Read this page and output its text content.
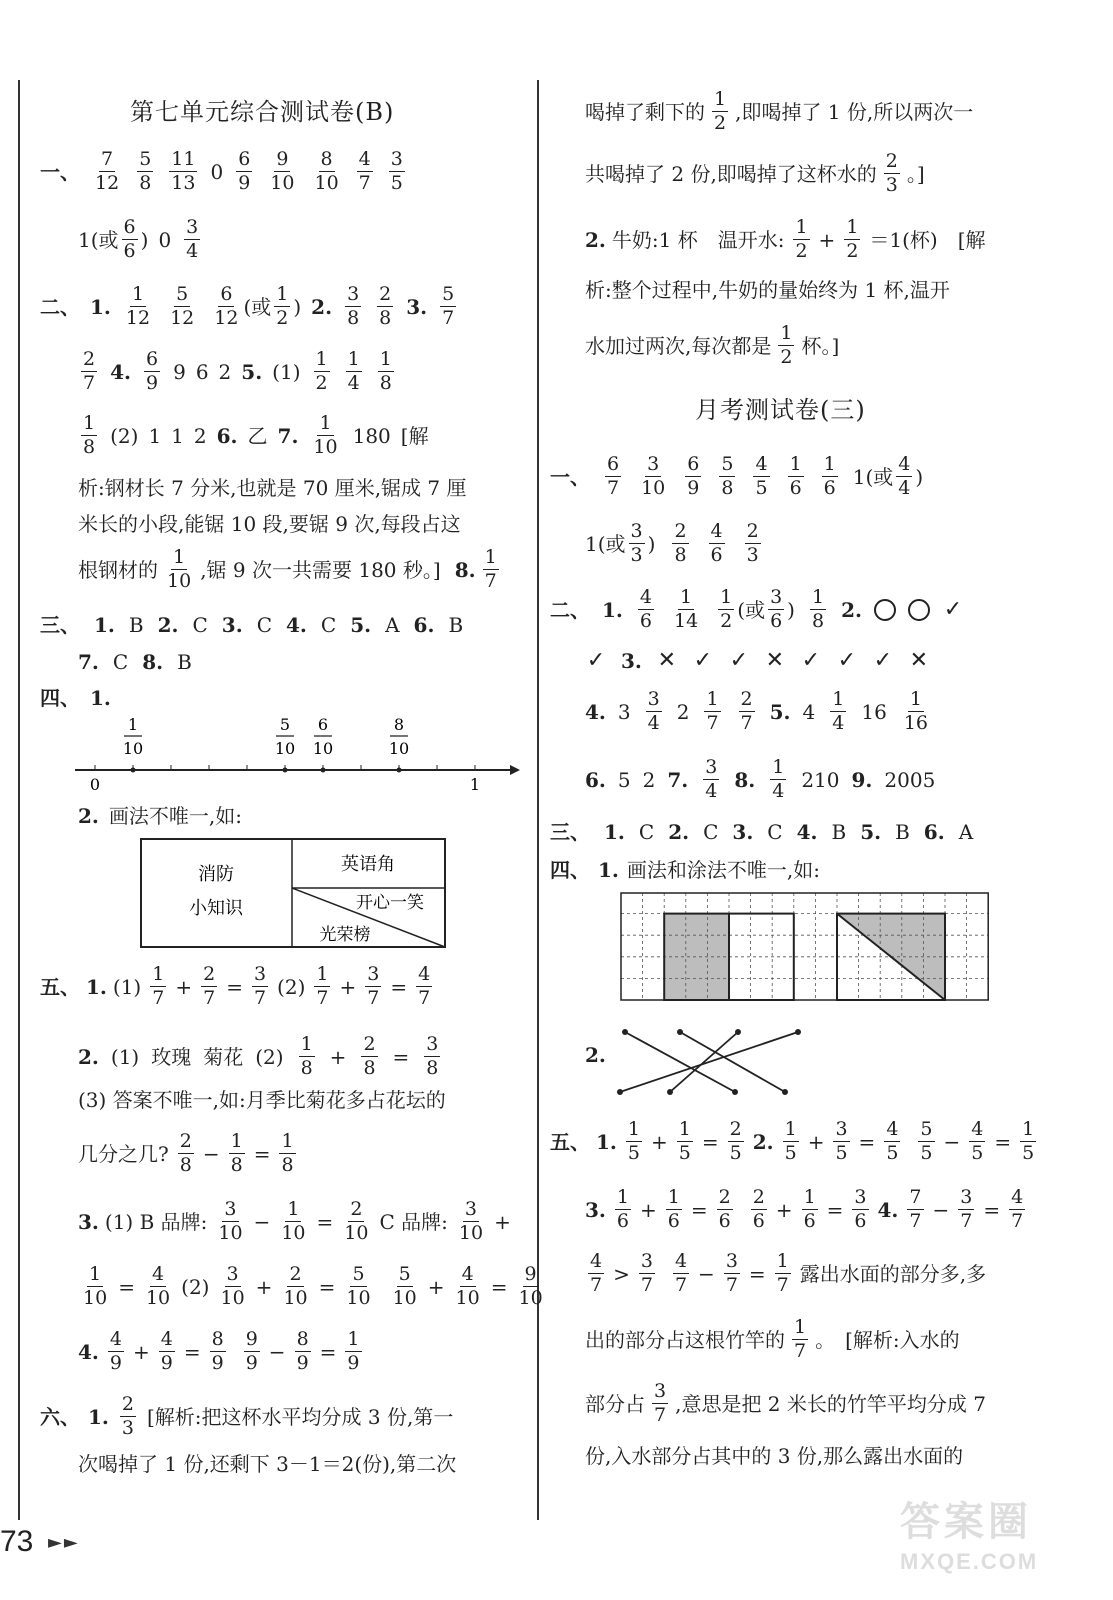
第七单元综合测试卷(B)
一、 $\frac{7}{12} \frac{5}{8} \frac{11}{13} 0 \frac{6}{9} \frac{9}{10} \frac{8}{10} \frac{4}{7} \frac{3}{5}$
1(或 $\frac{6}{6}$ ) $0 \frac{3}{4}$
二、 1. $\frac{1}{12} \frac{5}{12} \frac{6}{12}$ (或 $\frac{1}{2}$ ) 2. $\frac{3}{8} \frac{2}{8} 3$. $\frac{5}{7}$
$\frac{2}{7} 4$. $\frac{6}{9} 9$ 6 2 5. $(1) \frac{1}{2} \frac{1}{4} \frac{1}{8}$
$\frac{1}{8} (2)$ 1 1 2 6. 乙 7. $\frac{1}{10} 180$ [解
析:钢材长 7 分米,也就是 70 厘米,锯成 7 厘
米长的小段,能锯 10 段,要锯 9 次,每段占这
根钢材的 $\frac{1}{10}$ ,锯 9 次一共需要 180 秒。] 8. $\frac{1}{7}$
三、 1. B 2. C 3. C 4. C 5. A 6. B
7. C 8. B
四、 1.
0	1
1
10
5
10
6
10
8
10
2. 画法不唯一,如:
消防
小知识
英语角
开心一笑
光荣榜
五、 1. $(1) \frac{1}{7} + \frac{2}{7} = \frac{3}{7} (2) \frac{1}{7} + \frac{3}{7} = \frac{4}{7}$
2. (1) 玫瑰 菊花 $(2) \frac{1}{8} + \frac{2}{8} = \frac{3}{8}$
(3) 答案不唯一,如:月季比菊花多占花坛的
几分之几? $\frac{2}{8} - \frac{1}{8} = \frac{1}{8}$
3. (1) B 品牌: $\frac{3}{10} - \frac{1}{10} = \frac{2}{10}$ C 品牌: $\frac{3}{10}$ +
$\frac{1}{10} = \frac{4}{10} (2) \frac{3}{10} + \frac{2}{10} = \frac{5}{10} \frac{5}{10} + \frac{4}{10} = \frac{9}{10}$
4. $\frac{4}{9} + \frac{4}{9} = \frac{8}{9} \frac{9}{9} - \frac{8}{9} = \frac{1}{9}$
六、 1. $\frac{2}{3}$ [解析:把这杯水平均分成 3 份,第一
次喝掉了 1 份,还剩下 3－1＝2(份),第二次
喝掉了剩下的 $\frac{1}{2}$ ,即喝掉了 1 份,所以两次一
共喝掉了 2 份,即喝掉了这杯水的 $\frac{2}{3}$ 。]
2. 牛奶:1 杯　温开水: $\frac{1}{2} + \frac{1}{2} =1$(杯)　[解
析:整个过程中,牛奶的量始终为 1 杯,温开
水加过两次,每次都是 $\frac{1}{2}$ 杯。]
月考测试卷(三)
一、 $\frac{6}{7} \frac{3}{10} \frac{6}{9} \frac{5}{8} \frac{4}{5} \frac{1}{6} \frac{1}{6} 1$(或 $\frac{4}{4}$ )
1(或 $\frac{3}{3}$ ) $\frac{2}{8} \frac{4}{6} \frac{2}{3}$
二、 1. $\frac{4}{6} \frac{1}{14} \frac{1}{2}$ (或 $\frac{3}{6}$ ) $\frac{1}{8} 2$.	✓
✓ 3. ✕ ✓ ✓ ✕ ✓ ✓ ✓ ✕
4. $3 \frac{3}{4} 2 \frac{1}{7} \frac{2}{7} 5$. $4 \frac{1}{4} 16 \frac{1}{16}$
6. 5 2 7. $\frac{3}{4} 8$. $\frac{1}{4} 210$ 9. 2005
三、 1. C 2. C 3. C 4. B 5. B 6. A
四、 1. 画法和涂法不唯一,如:
2.
五、 1. $\frac{1}{5} + \frac{1}{5} = \frac{2}{5} 2$. $\frac{1}{5} + \frac{3}{5} = \frac{4}{5} \frac{5}{5} - \frac{4}{5} = \frac{1}{5}$
3. $\frac{1}{6} + \frac{1}{6} = \frac{2}{6} \frac{2}{6} + \frac{1}{6} = \frac{3}{6} 4$. $\frac{7}{7} - \frac{3}{7} = \frac{4}{7}$
$\frac{4}{7} > \frac{3}{7} \frac{4}{7} - \frac{3}{7} = \frac{1}{7}$ 露出水面的部分多,多
出的部分占这根竹竿的 $\frac{1}{7}$ 。　[解析:入水的
部分占 $\frac{3}{7}$ ,意思是把 2 米长的竹竿平均分成 7
份,入水部分占其中的 3 份,那么露出水面的
73 ►►	答案圈
MXQE.COM
